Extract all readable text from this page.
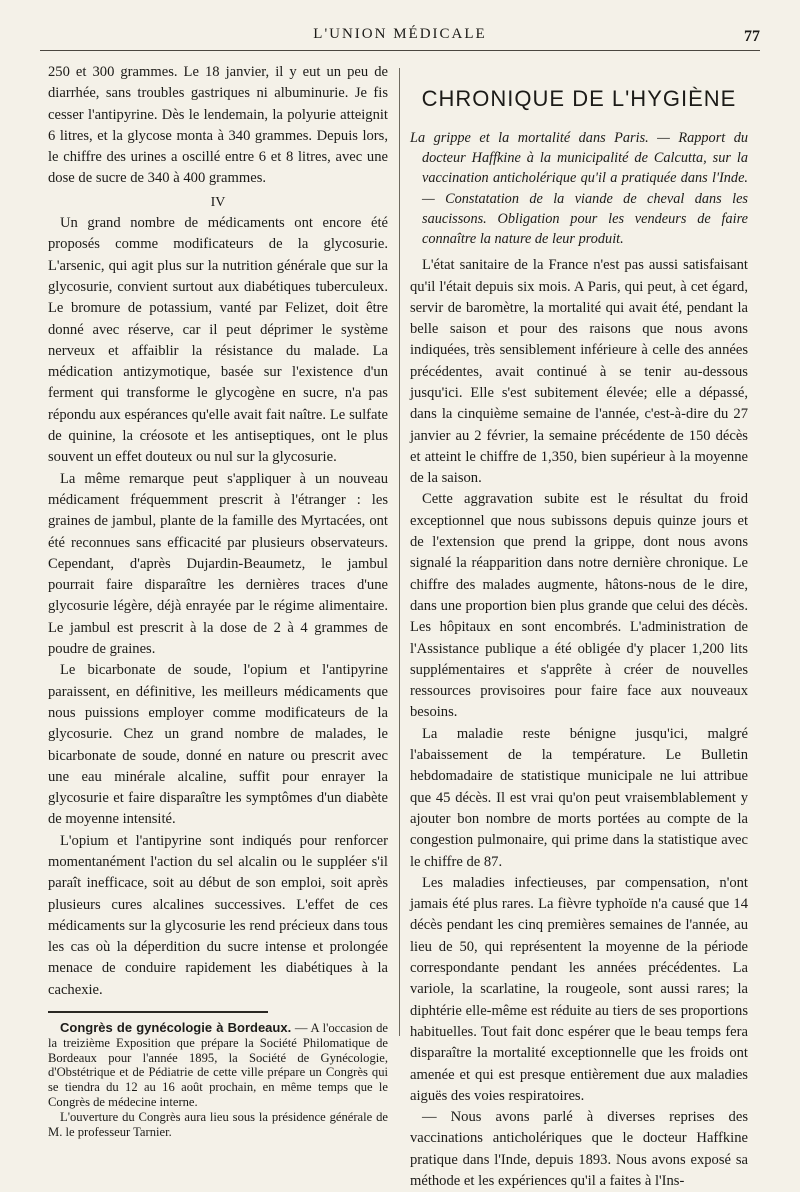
L'UNION MÉDICALE	77

250 et 300 grammes. Le 18 janvier, il y eut un peu de diarrhée, sans troubles gastriques ni albuminurie. Je fis cesser l'antipyrine. Dès le lendemain, la polyurie atteignit 6 litres, et la glycose monta à 340 grammes. Depuis lors, le chiffre des urines a oscillé entre 6 et 8 litres, avec une dose de sucre de 340 à 400 grammes.

IV

Un grand nombre de médicaments ont encore été proposés comme modificateurs de la glycosurie. L'arsenic, qui agit plus sur la nutrition générale que sur la glycosurie, convient surtout aux diabétiques tuberculeux. Le bromure de potassium, vanté par Felizet, doit être donné avec réserve, car il peut déprimer le système nerveux et affaiblir la résistance du malade. La médication antizymotique, basée sur l'existence d'un ferment qui transforme le glycogène en sucre, n'a pas répondu aux espérances qu'elle avait fait naître. Le sulfate de quinine, la créosote et les antiseptiques, ont le plus souvent un effet douteux ou nul sur la glycosurie.

La même remarque peut s'appliquer à un nouveau médicament fréquemment prescrit à l'étranger : les graines de jambul, plante de la famille des Myrtacées, ont été reconnues sans efficacité par plusieurs observateurs. Cependant, d'après Dujardin-Beaumetz, le jambul pourrait faire disparaître les dernières traces d'une glycosurie légère, déjà enrayée par le régime alimentaire. Le jambul est prescrit à la dose de 2 à 4 grammes de poudre de graines.

Le bicarbonate de soude, l'opium et l'antipyrine paraissent, en définitive, les meilleurs médicaments que nous puissions employer comme modificateurs de la glycosurie. Chez un grand nombre de malades, le bicarbonate de soude, donné en nature ou prescrit avec une eau minérale alcaline, suffit pour enrayer la glycosurie et faire disparaître les symptômes d'un diabète de moyenne intensité.

L'opium et l'antipyrine sont indiqués pour renforcer momentanément l'action du sel alcalin ou le suppléer s'il paraît inefficace, soit au début de son emploi, soit après plusieurs cures alcalines successives. L'effet de ces médicaments sur la glycosurie les rend précieux dans tous les cas où la déperdition du sucre intense et prolongée menace de conduire rapidement les diabétiques à la cachexie.

Congrès de gynécologie à Bordeaux. — A l'occasion de la treizième Exposition que prépare la Société Philomatique de Bordeaux pour l'année 1895, la Société de Gynécologie, d'Obstétrique et de Pédiatrie de cette ville prépare un Congrès qui se tiendra du 12 au 16 août prochain, en même temps que le Congrès de médecine interne.

L'ouverture du Congrès aura lieu sous la présidence générale de M. le professeur Tarnier.

CHRONIQUE DE L'HYGIÈNE
La grippe et la mortalité dans Paris. — Rapport du docteur Haffkine à la municipalité de Calcutta, sur la vaccination anticholérique qu'il a pratiquée dans l'Inde. — Constatation de la viande de cheval dans les saucissons. Obligation pour les vendeurs de faire connaître la nature de leur produit.

L'état sanitaire de la France n'est pas aussi satisfaisant qu'il l'était depuis six mois. A Paris, qui peut, à cet égard, servir de baromètre, la mortalité qui avait été, pendant la belle saison et pour des raisons que nous avons indiquées, très sensiblement inférieure à celle des années précédentes, avait continué à se tenir au-dessous jusqu'ici. Elle s'est subitement élevée; elle a dépassé, dans la cinquième semaine de l'année, c'est-à-dire du 27 janvier au 2 février, la semaine précédente de 150 décès et atteint le chiffre de 1,350, bien supérieur à la moyenne de la saison.

Cette aggravation subite est le résultat du froid exceptionnel que nous subissons depuis quinze jours et de l'extension que prend la grippe, dont nous avons signalé la réapparition dans notre dernière chronique. Le chiffre des malades augmente, hâtons-nous de le dire, dans une proportion bien plus grande que celui des décès. Les hôpitaux en sont encombrés. L'administration de l'Assistance publique a été obligée d'y placer 1,200 lits supplémentaires et s'apprête à créer de nouvelles ressources provisoires pour faire face aux nouveaux besoins.

La maladie reste bénigne jusqu'ici, malgré l'abaissement de la température. Le Bulletin hebdomadaire de statistique municipale ne lui attribue que 45 décès. Il est vrai qu'on peut vraisemblablement y ajouter bon nombre de morts portées au compte de la congestion pulmonaire, qui prime dans la statistique avec le chiffre de 87.

Les maladies infectieuses, par compensation, n'ont jamais été plus rares. La fièvre typhoïde n'a causé que 14 décès pendant les cinq premières semaines de l'année, au lieu de 50, qui représentent la moyenne de la période correspondante pendant les années précédentes. La variole, la scarlatine, la rougeole, sont aussi rares; la diphtérie elle-même est réduite au tiers de ses proportions habituelles. Tout fait donc espérer que le beau temps fera disparaître la mortalité exceptionnelle que les froids ont amenée et qui est presque entièrement due aux maladies aiguës des voies respiratoires.

— Nous avons parlé à diverses reprises des vaccinations anticholériques que le docteur Haffkine pratique dans l'Inde, depuis 1893. Nous avons exposé sa méthode et les expériences qu'il a faites à l'Ins-
